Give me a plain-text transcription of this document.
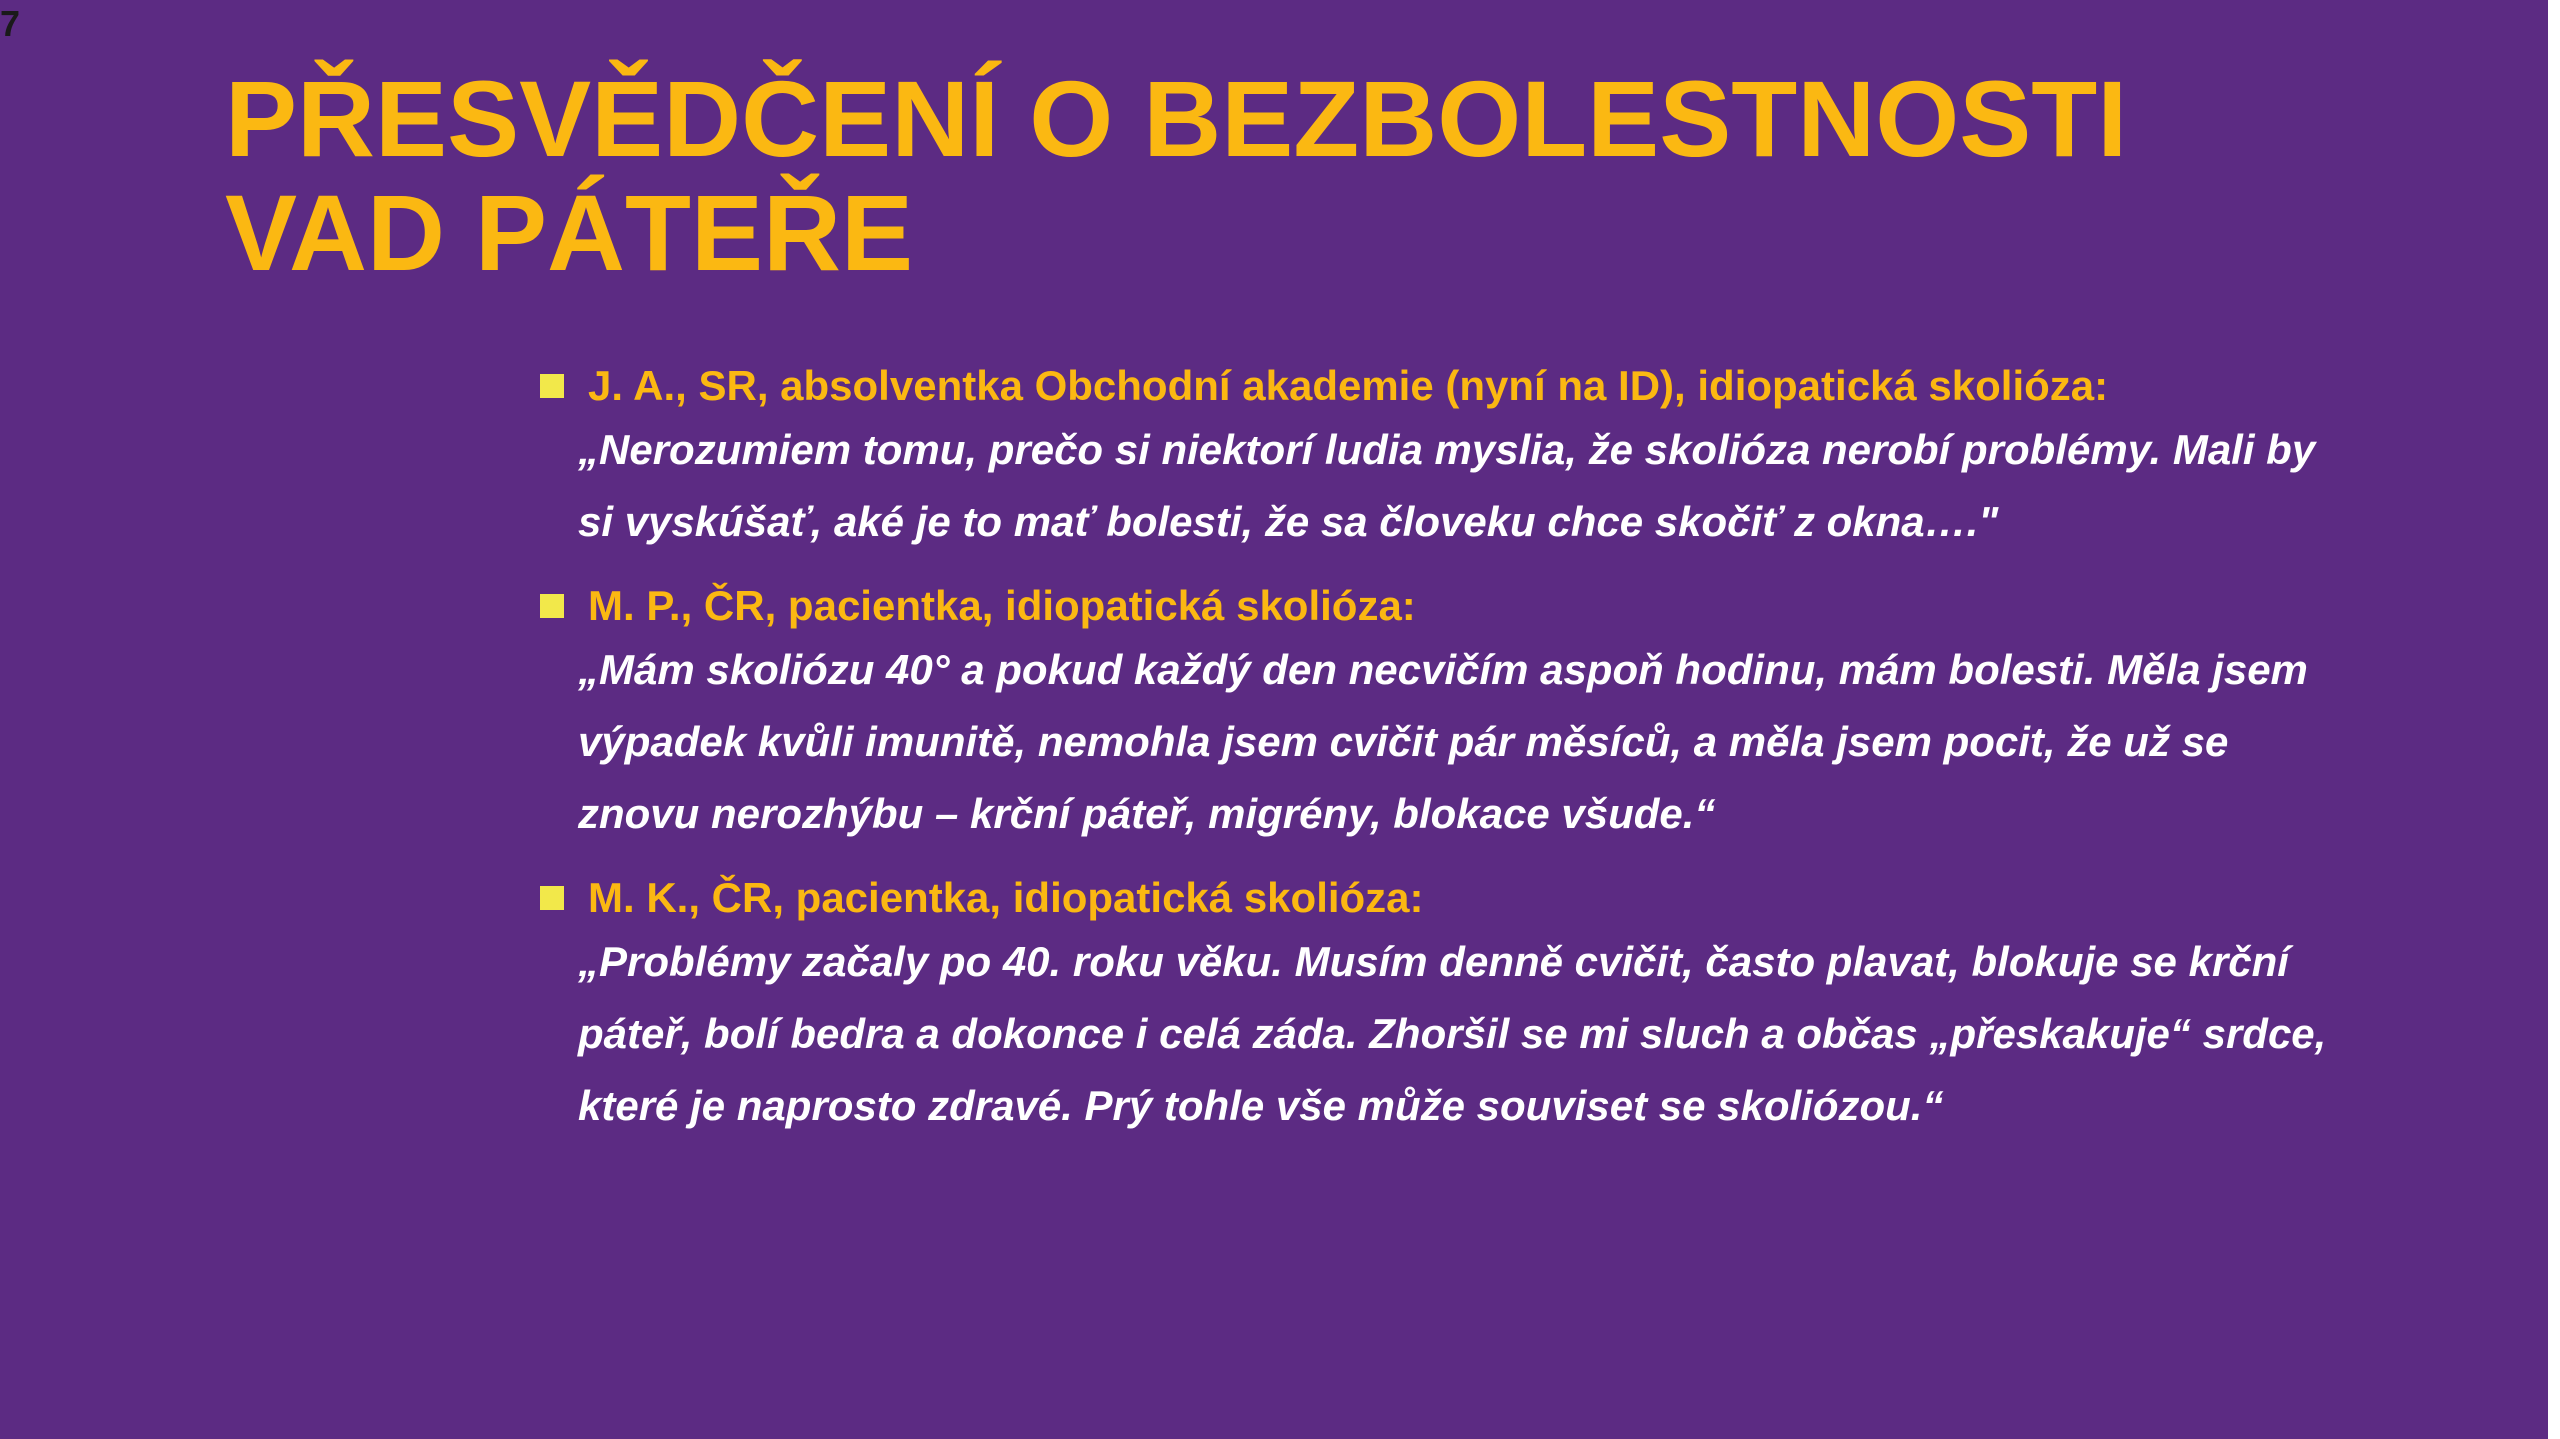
7
PŘESVĚDČENÍ O BEZBOLESTNOSTI
VAD PÁTEŘE
J. A., SR, absolventka Obchodní akademie (nyní na ID), idiopatická skolióza:
„Nerozumiem tomu, prečo si niektorí ludia myslia, že skolióza nerobí problémy. Mali by
si vyskúšať, aké je to mať bolesti, že sa človeku chce skočiť z okna…."
M. P., ČR, pacientka, idiopatická skolióza:
„Mám skoliózu 40° a pokud každý den necvičím aspoň hodinu, mám bolesti. Měla jsem
výpadek kvůli imunitě, nemohla jsem cvičit pár měsíců, a měla jsem pocit, že už se
znovu nerozhýbu – krční páteř, migrény, blokace všude.“
M. K., ČR, pacientka, idiopatická skolióza:
„Problémy začaly po 40. roku věku. Musím denně cvičit, často plavat, blokuje se krční
páteř, bolí bedra a dokonce i celá záda. Zhoršil se mi sluch a občas „přeskakuje“ srdce,
které je naprosto zdravé. Prý tohle vše může souviset se skoliózou.“
